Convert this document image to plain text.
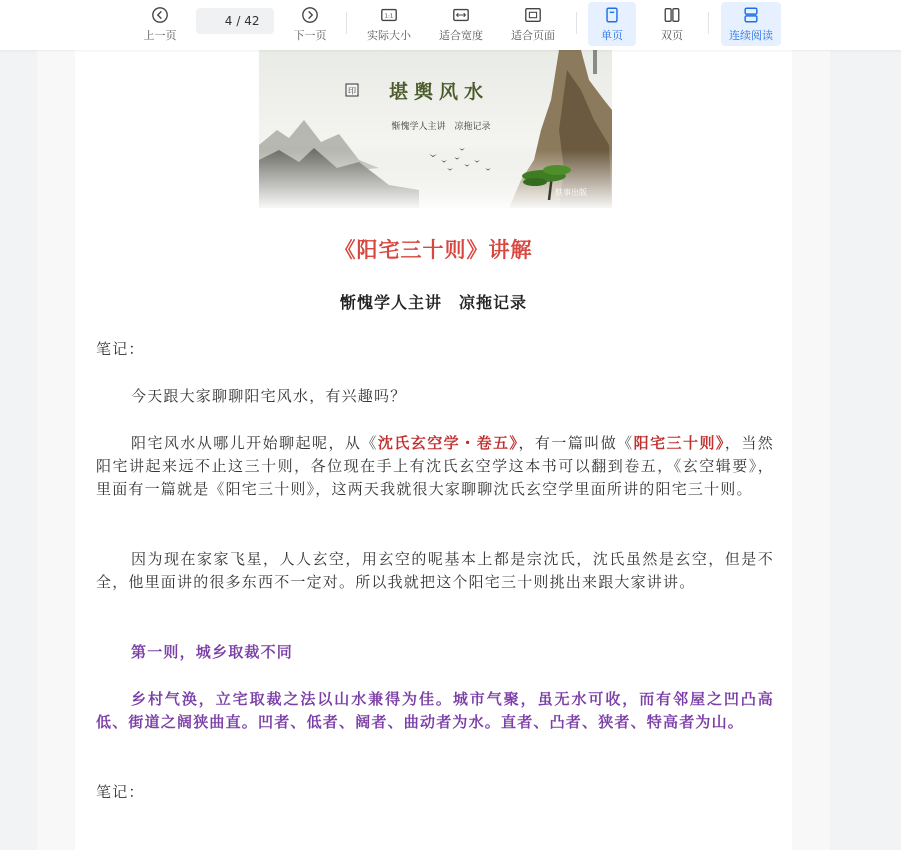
上一页
4
/ 42
下一页
1:1
实际大小	适合宽度	适合页面	单页	双页	连续阅读
印 堪舆风水
惭愧学人主讲　凉拖记录
轶事出版
《阳宅三十则》讲解
惭愧学人主讲　凉拖记录
笔记：
今天跟大家聊聊阳宅风水，有兴趣吗？
阳宅风水从哪儿开始聊起呢，从《沈氏玄空学・卷五》，有一篇叫做《阳宅三十则》，当然阳宅讲起来远不止这三十则，各位现在手上有沈氏玄空学这本书可以翻到卷五，《玄空辑要》，里面有一篇就是《阳宅三十则》，这两天我就很大家聊聊沈氏玄空学里面所讲的阳宅三十则。
因为现在家家飞星，人人玄空，用玄空的呢基本上都是宗沈氏，沈氏虽然是玄空，但是不全，他里面讲的很多东西不一定对。所以我就把这个阳宅三十则挑出来跟大家讲讲。
第一则，城乡取裁不同
乡村气涣，立宅取裁之法以山水兼得为佳。城市气聚，虽无水可收，而有邻屋之凹凸高低、街道之阔狭曲直。凹者、低者、阔者、曲动者为水。直者、凸者、狭者、特高者为山。
笔记：
